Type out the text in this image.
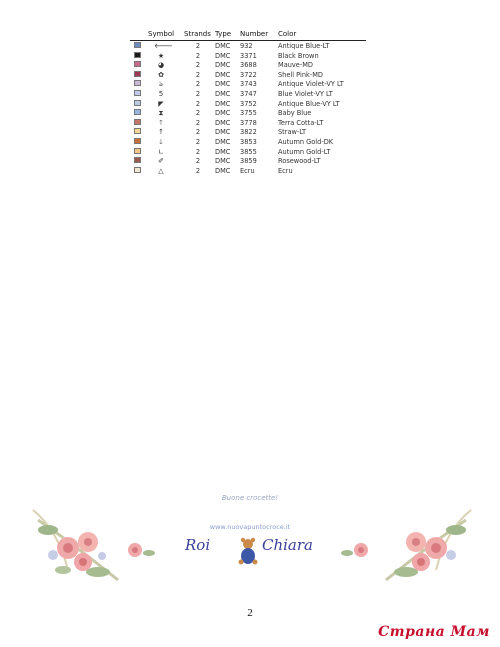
Symbol Strands Type Number Color
🡐	2	DMC 932	Antique Blue-LT
★	2	DMC 3371	Black Brown
◕	2	DMC 3688	Mauve-MD
✿	2	DMC 3722	Shell Pink-MD
ঌ	2	DMC 3743	Antique Violet-VY LT
5	2	DMC 3747	Blue Violet-VY LT
◤	2	DMC 3752	Antique Blue-VY LT
⧗	2	DMC 3755	Baby Blue
🡑	2	DMC 3778	Terra Cotta-LT
↑	2	DMC 3822	Straw-LT
🡓	2	DMC 3853	Autumn Gold-DK
∟	2	DMC 3855	Autumn Gold-LT
✐	2	DMC 3859	Rosewood-LT
△	2	DMC Ecru	Ecru
Buone crocette!
www.nuovapuntocroce.it
Roi	Chiara
2
Страна Мам
